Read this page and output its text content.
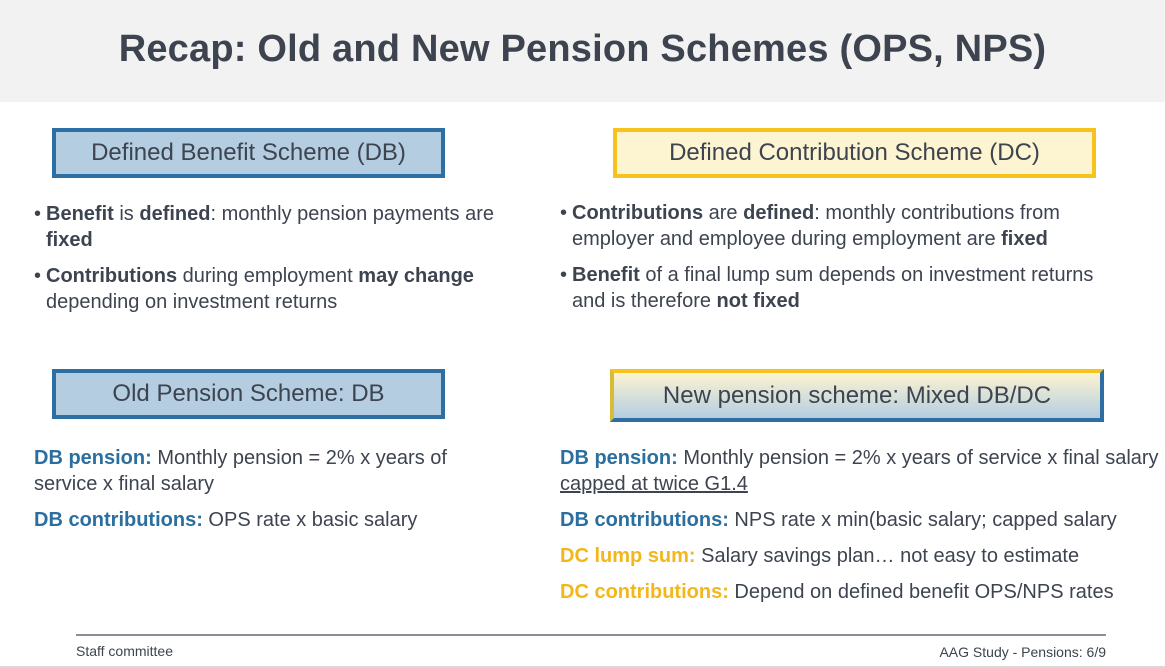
Recap: Old and New Pension Schemes (OPS, NPS)
Defined Benefit Scheme (DB)
• Benefit is defined: monthly pension payments are fixed
• Contributions during employment may change depending on investment returns
Defined Contribution Scheme (DC)
• Contributions are defined: monthly contributions from employer and employee during employment are fixed
• Benefit of a final lump sum depends on investment returns and is therefore not fixed
Old Pension Scheme: DB
DB pension: Monthly pension = 2% x years of service x final salary
DB contributions: OPS rate x basic salary
New pension scheme: Mixed DB/DC
DB pension: Monthly pension = 2% x years of service x final salary capped at twice G1.4
DB contributions: NPS rate x min(basic salary; capped salary
DC lump sum: Salary savings plan… not easy to estimate
DC contributions: Depend on defined benefit OPS/NPS rates
Staff committee	AAG Study - Pensions: 6/9
